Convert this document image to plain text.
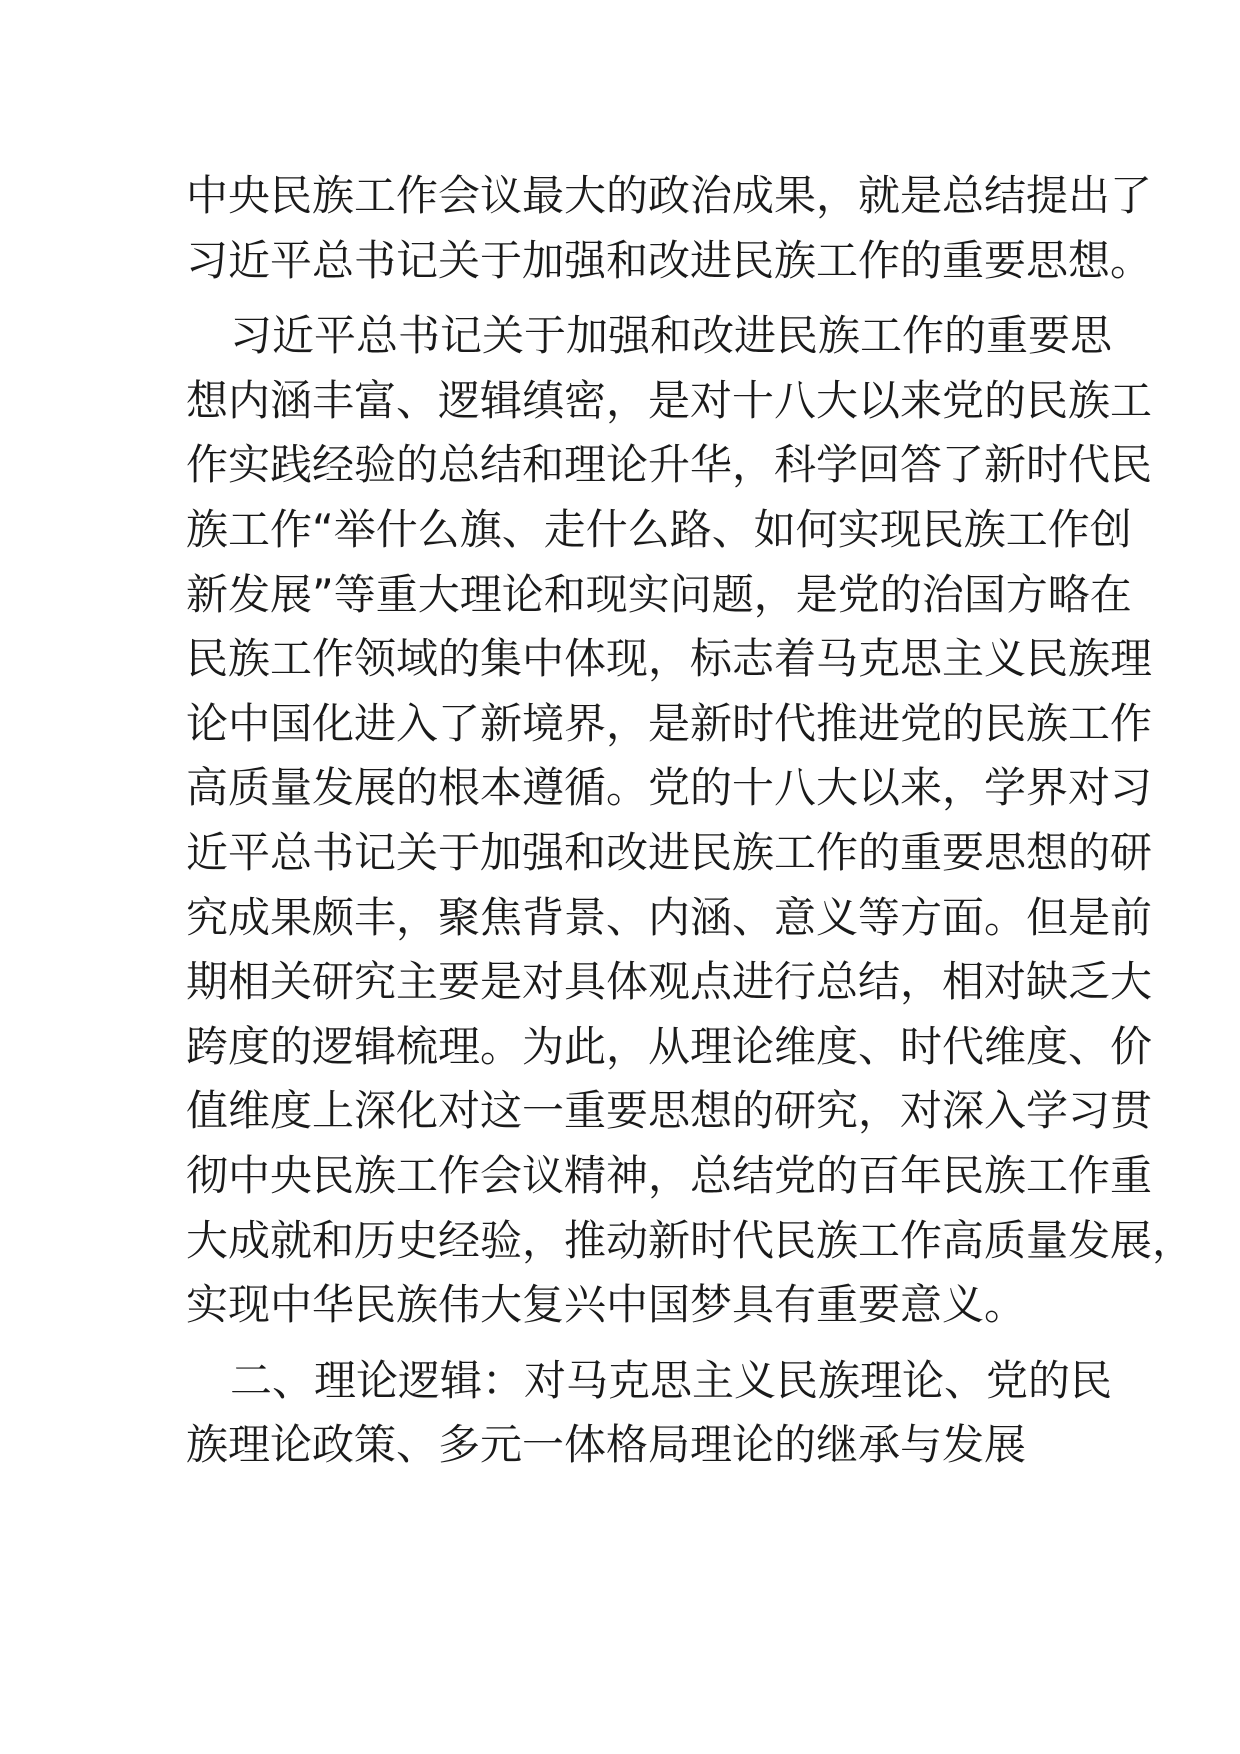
中央民族工作会议最大的政治成果，就是总结提出了
习近平总书记关于加强和改进民族工作的重要思想。
习近平总书记关于加强和改进民族工作的重要思
想内涵丰富、逻辑缜密，是对十八大以来党的民族工
作实践经验的总结和理论升华，科学回答了新时代民
族工作“举什么旗、走什么路、如何实现民族工作创
新发展”等重大理论和现实问题，是党的治国方略在
民族工作领域的集中体现，标志着马克思主义民族理
论中国化进入了新境界，是新时代推进党的民族工作
高质量发展的根本遵循。党的十八大以来，学界对习
近平总书记关于加强和改进民族工作的重要思想的研
究成果颇丰，聚焦背景、内涵、意义等方面。但是前
期相关研究主要是对具体观点进行总结，相对缺乏大
跨度的逻辑梳理。为此，从理论维度、时代维度、价
值维度上深化对这一重要思想的研究，对深入学习贯
彻中央民族工作会议精神，总结党的百年民族工作重
大成就和历史经验，推动新时代民族工作高质量发展，
实现中华民族伟大复兴中国梦具有重要意义。
二、理论逻辑：对马克思主义民族理论、党的民
族理论政策、多元一体格局理论的继承与发展
